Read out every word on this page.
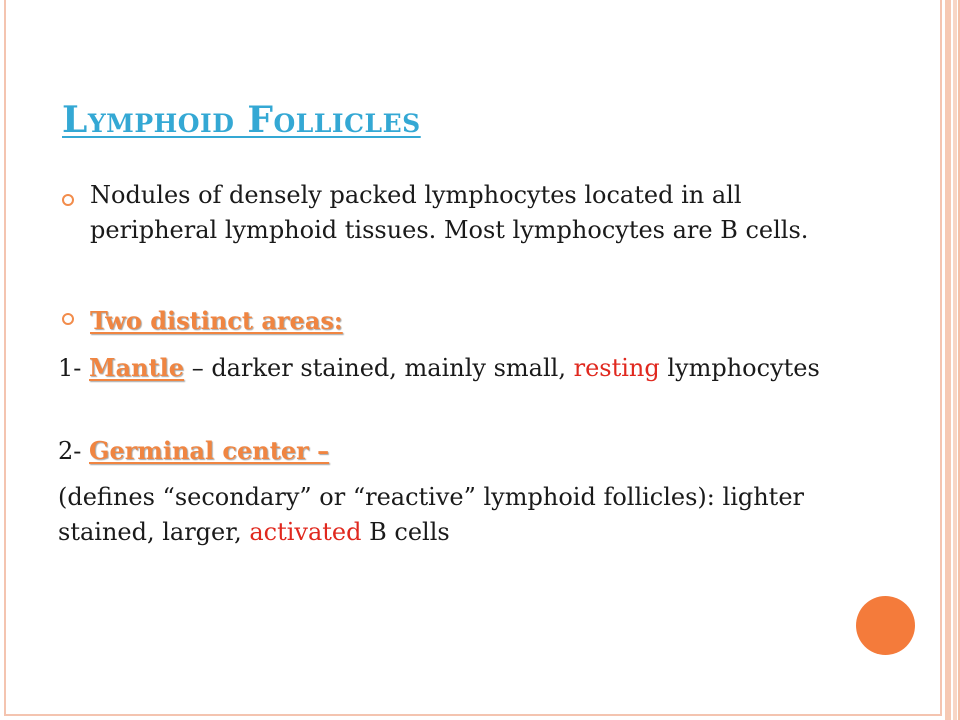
Lymphoid Follicles

Nodules of densely packed lymphocytes located in all peripheral lymphoid tissues. Most lymphocytes are B cells.

Two distinct areas:

1- Mantle – darker stained, mainly small, resting lymphocytes

2- Germinal center –

(defines “secondary” or “reactive” lymphoid follicles): lighter stained, larger, activated B cells
